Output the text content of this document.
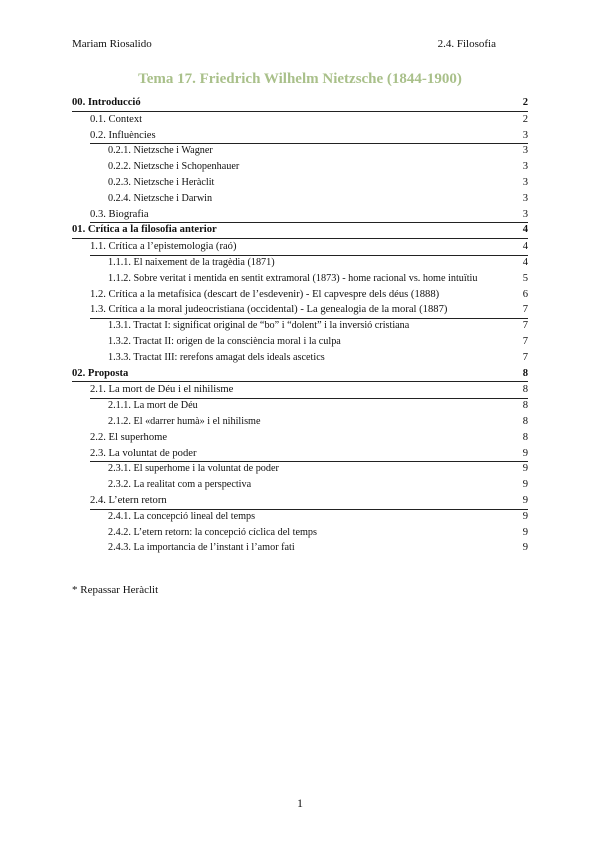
Mariam Riosalido	2.4. Filosofia
Tema 17. Friedrich Wilhelm Nietzsche (1844-1900)
00. Introducció	2
0.1. Context	2
0.2. Influències	3
0.2.1. Nietzsche i Wagner	3
0.2.2. Nietzsche i Schopenhauer	3
0.2.3. Nietzsche i Heràclit	3
0.2.4. Nietzsche i Darwin	3
0.3. Biografia	3
01. Crítica a la filosofia anterior	4
1.1. Crítica a l’epistemologia (raó)	4
1.1.1. El naixement de la tragèdia (1871)	4
1.1.2. Sobre veritat i mentida en sentit extramoral (1873) - home racional vs. home intuïtiu	5
1.2. Crítica a la metafísica (descart de l’esdevenir) - El capvespre dels déus (1888)	6
1.3. Crítica a la moral judeocristiana (occidental) - La genealogia de la moral (1887)	7
1.3.1. Tractat I: significat original de “bo” i “dolent” i la inversió cristiana	7
1.3.2. Tractat II: origen de la consciència moral i la culpa	7
1.3.3. Tractat III: rerefons amagat dels ideals ascetics	7
02. Proposta	8
2.1. La mort de Déu i el nihilisme	8
2.1.1. La mort de Déu	8
2.1.2. El «darrer humà» i el nihilisme	8
2.2. El superhome	8
2.3. La voluntat de poder	9
2.3.1. El superhome i la voluntat de poder	9
2.3.2. La realitat com a perspectiva	9
2.4. L’etern retorn	9
2.4.1. La concepció lineal del temps	9
2.4.2. L’etern retorn: la concepció cíclica del temps	9
2.4.3. La importancia de l’instant i l’amor fati	9
* Repassar Heràclit
1
